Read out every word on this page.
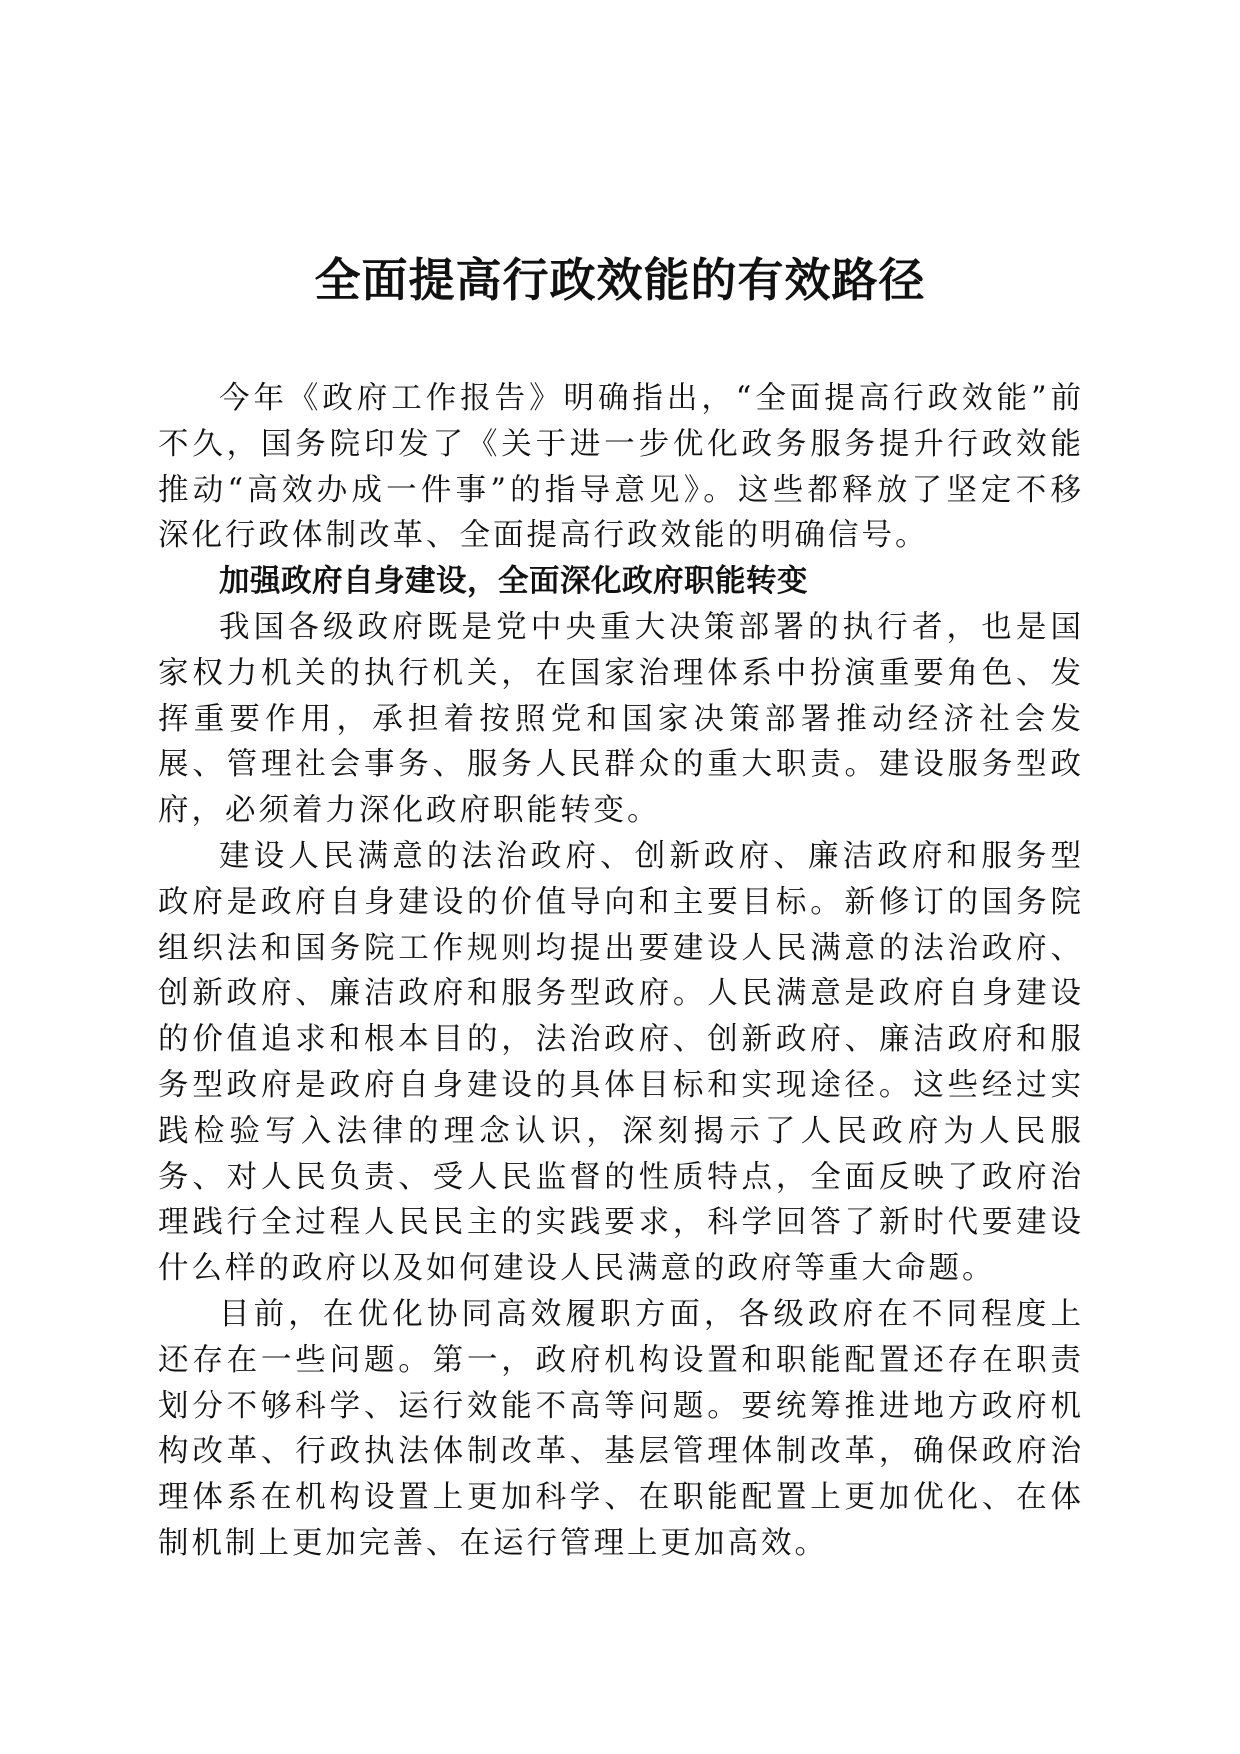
全面提高行政效能的有效路径

今年《政府工作报告》明确指出，“全面提高行政效能”前不久，国务院印发了《关于进一步优化政务服务提升行政效能推动“高效办成一件事”的指导意见》。这些都释放了坚定不移深化行政体制改革、全面提高行政效能的明确信号。

加强政府自身建设，全面深化政府职能转变

我国各级政府既是党中央重大决策部署的执行者，也是国家权力机关的执行机关，在国家治理体系中扮演重要角色、发挥重要作用，承担着按照党和国家决策部署推动经济社会发展、管理社会事务、服务人民群众的重大职责。建设服务型政府，必须着力深化政府职能转变。

建设人民满意的法治政府、创新政府、廉洁政府和服务型政府是政府自身建设的价值导向和主要目标。新修订的国务院组织法和国务院工作规则均提出要建设人民满意的法治政府、创新政府、廉洁政府和服务型政府。人民满意是政府自身建设的价值追求和根本目的，法治政府、创新政府、廉洁政府和服务型政府是政府自身建设的具体目标和实现途径。这些经过实践检验写入法律的理念认识，深刻揭示了人民政府为人民服务、对人民负责、受人民监督的性质特点，全面反映了政府治理践行全过程人民民主的实践要求，科学回答了新时代要建设什么样的政府以及如何建设人民满意的政府等重大命题。

目前，在优化协同高效履职方面，各级政府在不同程度上还存在一些问题。第一，政府机构设置和职能配置还存在职责划分不够科学、运行效能不高等问题。要统筹推进地方政府机构改革、行政执法体制改革、基层管理体制改革，确保政府治理体系在机构设置上更加科学、在职能配置上更加优化、在体制机制上更加完善、在运行管理上更加高效。
